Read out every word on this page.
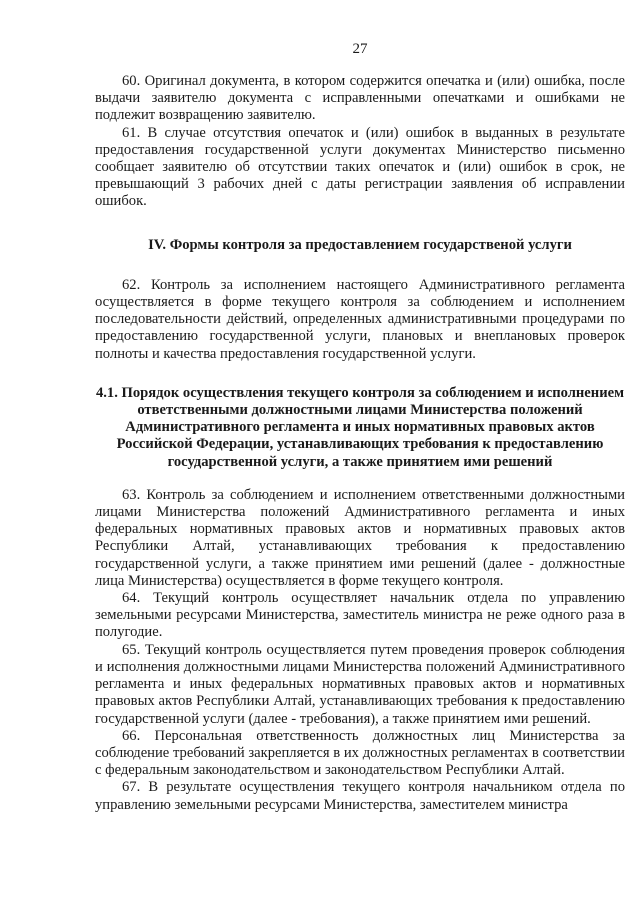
27

60. Оригинал документа, в котором содержится опечатка и (или) ошибка, после выдачи заявителю документа с исправленными опечатками и ошибками не подлежит возвращению заявителю.

61. В случае отсутствия опечаток и (или) ошибок в выданных в результате предоставления государственной услуги документах Министерство письменно сообщает заявителю об отсутствии таких опечаток и (или) ошибок в срок, не превышающий 3 рабочих дней с даты регистрации заявления об исправлении ошибок.

IV. Формы контроля за предоставлением государственой услуги

62. Контроль за исполнением настоящего Административного регламента осуществляется в форме текущего контроля за соблюдением и исполнением последовательности действий, определенных административными процедурами по предоставлению государственной услуги, плановых и внеплановых проверок полноты и качества предоставления государственной услуги.

4.1. Порядок осуществления текущего контроля за соблюдением и исполнением ответственными должностными лицами Министерства положений Административного регламента и иных нормативных правовых актов Российской Федерации, устанавливающих требования к предоставлению государственной услуги, а также принятием ими решений

63. Контроль за соблюдением и исполнением ответственными должностными лицами Министерства положений Административного регламента и иных федеральных нормативных правовых актов и нормативных правовых актов Республики Алтай, устанавливающих требования к предоставлению государственной услуги, а также принятием ими решений (далее - должностные лица Министерства) осуществляется в форме текущего контроля.

64. Текущий контроль осуществляет начальник отдела по управлению земельными ресурсами Министерства, заместитель министра не реже одного раза в полугодие.

65. Текущий контроль осуществляется путем проведения проверок соблюдения и исполнения должностными лицами Министерства положений Административного регламента и иных федеральных нормативных правовых актов и нормативных правовых актов Республики Алтай, устанавливающих требования к предоставлению государственной услуги (далее - требования), а также принятием ими решений.

66. Персональная ответственность должностных лиц Министерства за соблюдение требований закрепляется в их должностных регламентах в соответствии с федеральным законодательством и законодательством Республики Алтай.

67. В результате осуществления текущего контроля начальником отдела по управлению земельными ресурсами Министерства, заместителем министра
